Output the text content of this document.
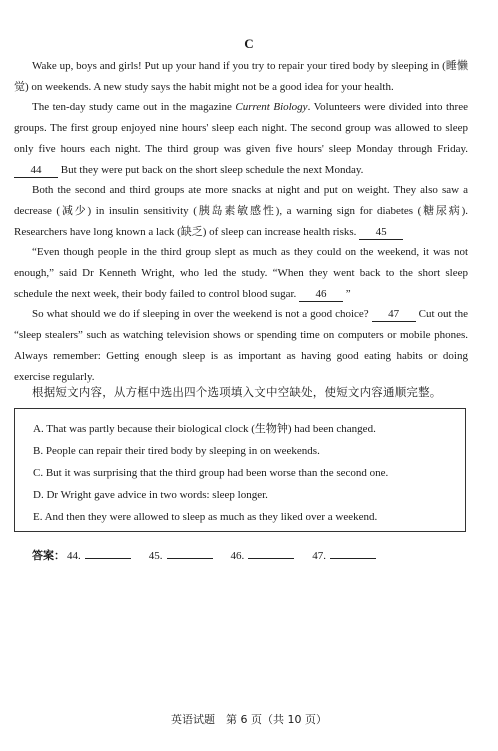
C

Wake up, boys and girls! Put up your hand if you try to repair your tired body by sleeping in (睡懒觉) on weekends. A new study says the habit might not be a good idea for your health.

The ten-day study came out in the magazine Current Biology. Volunteers were divided into three groups. The first group enjoyed nine hours' sleep each night. The second group was allowed to sleep only five hours each night. The third group was given five hours' sleep Monday through Friday. 44 But they were put back on the short sleep schedule the next Monday.

Both the second and third groups ate more snacks at night and put on weight. They also saw a decrease (减少) in insulin sensitivity (胰岛素敏感性), a warning sign for diabetes (糖尿病). Researchers have long known a lack (缺乏) of sleep can increase health risks. 45

“Even though people in the third group slept as much as they could on the weekend, it was not enough,” said Dr Kenneth Wright, who led the study. “When they went back to the short sleep schedule the next week, their body failed to control blood sugar. 46 ”

So what should we do if sleeping in over the weekend is not a good choice? 47 Cut out the “sleep stealers” such as watching television shows or spending time on computers or mobile phones. Always remember: Getting enough sleep is as important as having good eating habits or doing exercise regularly.

根据短文内容，从方框中选出四个选项填入文中空缺处，使短文内容通顺完整。
A. That was partly because their biological clock (生物钟) had been changed.
B. People can repair their tired body by sleeping in on weekends.
C. But it was surprising that the third group had been worse than the second one.
D. Dr Wright gave advice in two words: sleep longer.
E. And then they were allowed to sleep as much as they liked over a weekend.
答案： 44.	45.	46.	47.
英语试题　第 6 页（共 10 页）
